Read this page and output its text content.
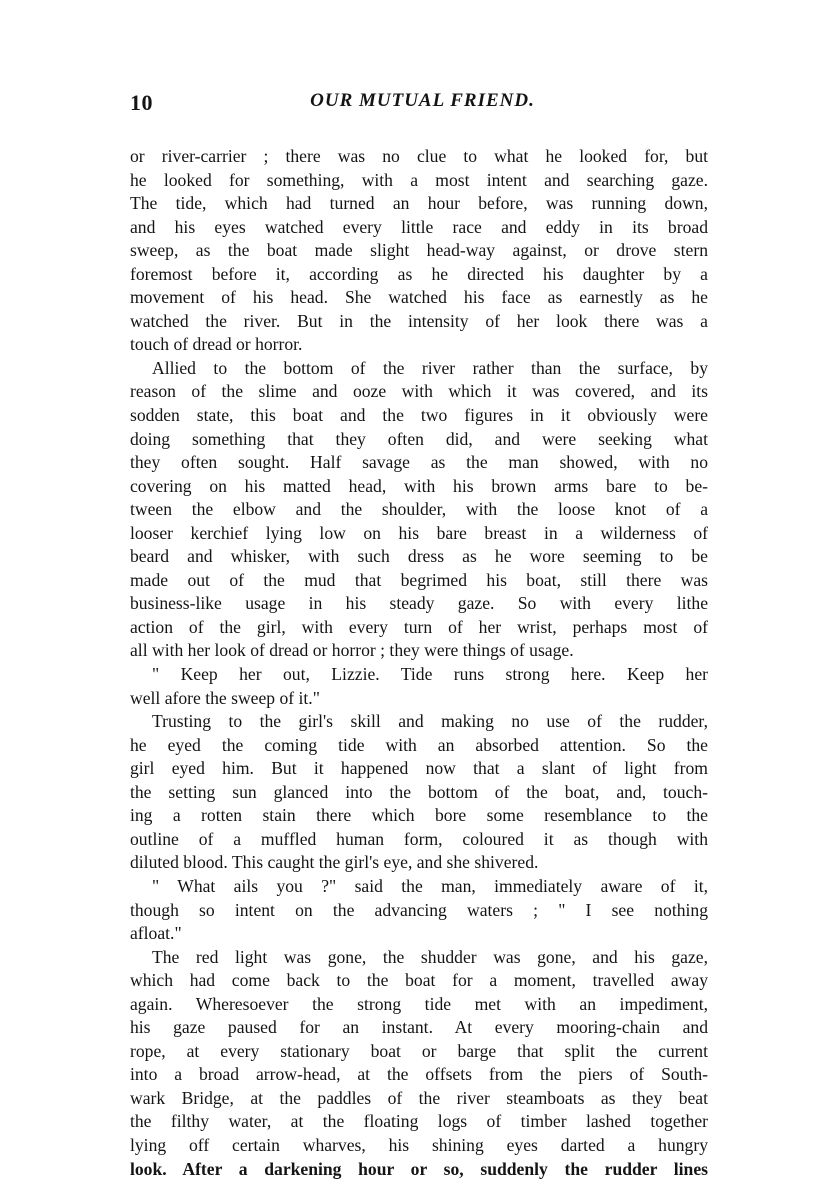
10	OUR MUTUAL FRIEND.
or river-carrier ; there was no clue to what he looked for, but
he looked for something, with a most intent and searching gaze.
The tide, which had turned an hour before, was running down,
and his eyes watched every little race and eddy in its broad
sweep, as the boat made slight head-way against, or drove stern
foremost before it, according as he directed his daughter by a
movement of his head. She watched his face as earnestly as he
watched the river. But in the intensity of her look there was a
touch of dread or horror.
Allied to the bottom of the river rather than the surface, by
reason of the slime and ooze with which it was covered, and its
sodden state, this boat and the two figures in it obviously were
doing something that they often did, and were seeking what
they often sought. Half savage as the man showed, with no
covering on his matted head, with his brown arms bare to be-
tween the elbow and the shoulder, with the loose knot of a
looser kerchief lying low on his bare breast in a wilderness of
beard and whisker, with such dress as he wore seeming to be
made out of the mud that begrimed his boat, still there was
business-like usage in his steady gaze. So with every lithe
action of the girl, with every turn of her wrist, perhaps most of
all with her look of dread or horror ; they were things of usage.
" Keep her out, Lizzie. Tide runs strong here. Keep her
well afore the sweep of it."
Trusting to the girl's skill and making no use of the rudder,
he eyed the coming tide with an absorbed attention. So the
girl eyed him. But it happened now that a slant of light from
the setting sun glanced into the bottom of the boat, and, touch-
ing a rotten stain there which bore some resemblance to the
outline of a muffled human form, coloured it as though with
diluted blood. This caught the girl's eye, and she shivered.
" What ails you ?" said the man, immediately aware of it,
though so intent on the advancing waters ; " I see nothing
afloat."
The red light was gone, the shudder was gone, and his gaze,
which had come back to the boat for a moment, travelled away
again. Wheresoever the strong tide met with an impediment,
his gaze paused for an instant. At every mooring-chain and
rope, at every stationary boat or barge that split the current
into a broad arrow-head, at the offsets from the piers of South-
wark Bridge, at the paddles of the river steamboats as they beat
the filthy water, at the floating logs of timber lashed together
lying off certain wharves, his shining eyes darted a hungry
look. After a darkening hour or so, suddenly the rudder lines
